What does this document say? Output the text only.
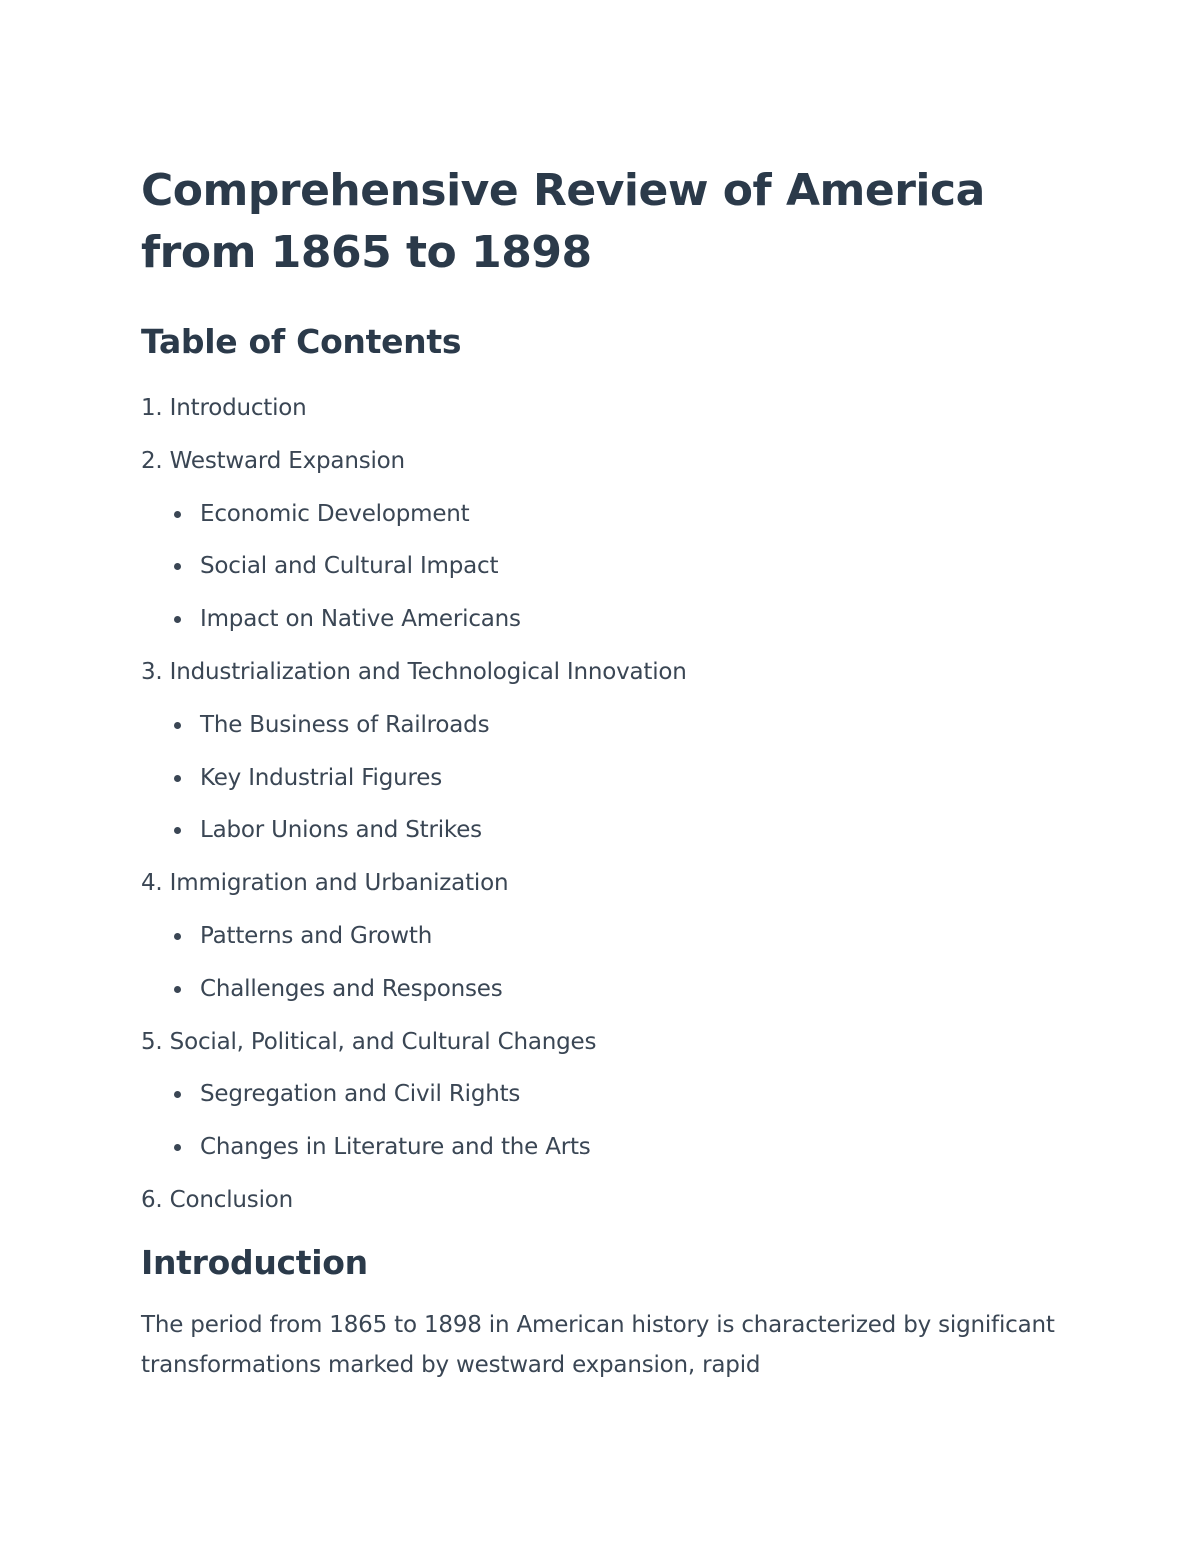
Comprehensive Review of America from 1865 to 1898
Table of Contents
1. Introduction
2. Westward Expansion
Economic Development
Social and Cultural Impact
Impact on Native Americans
3. Industrialization and Technological Innovation
The Business of Railroads
Key Industrial Figures
Labor Unions and Strikes
4. Immigration and Urbanization
Patterns and Growth
Challenges and Responses
5. Social, Political, and Cultural Changes
Segregation and Civil Rights
Changes in Literature and the Arts
6. Conclusion
Introduction

The period from 1865 to 1898 in American history is characterized by significant transformations marked by westward expansion, rapid
